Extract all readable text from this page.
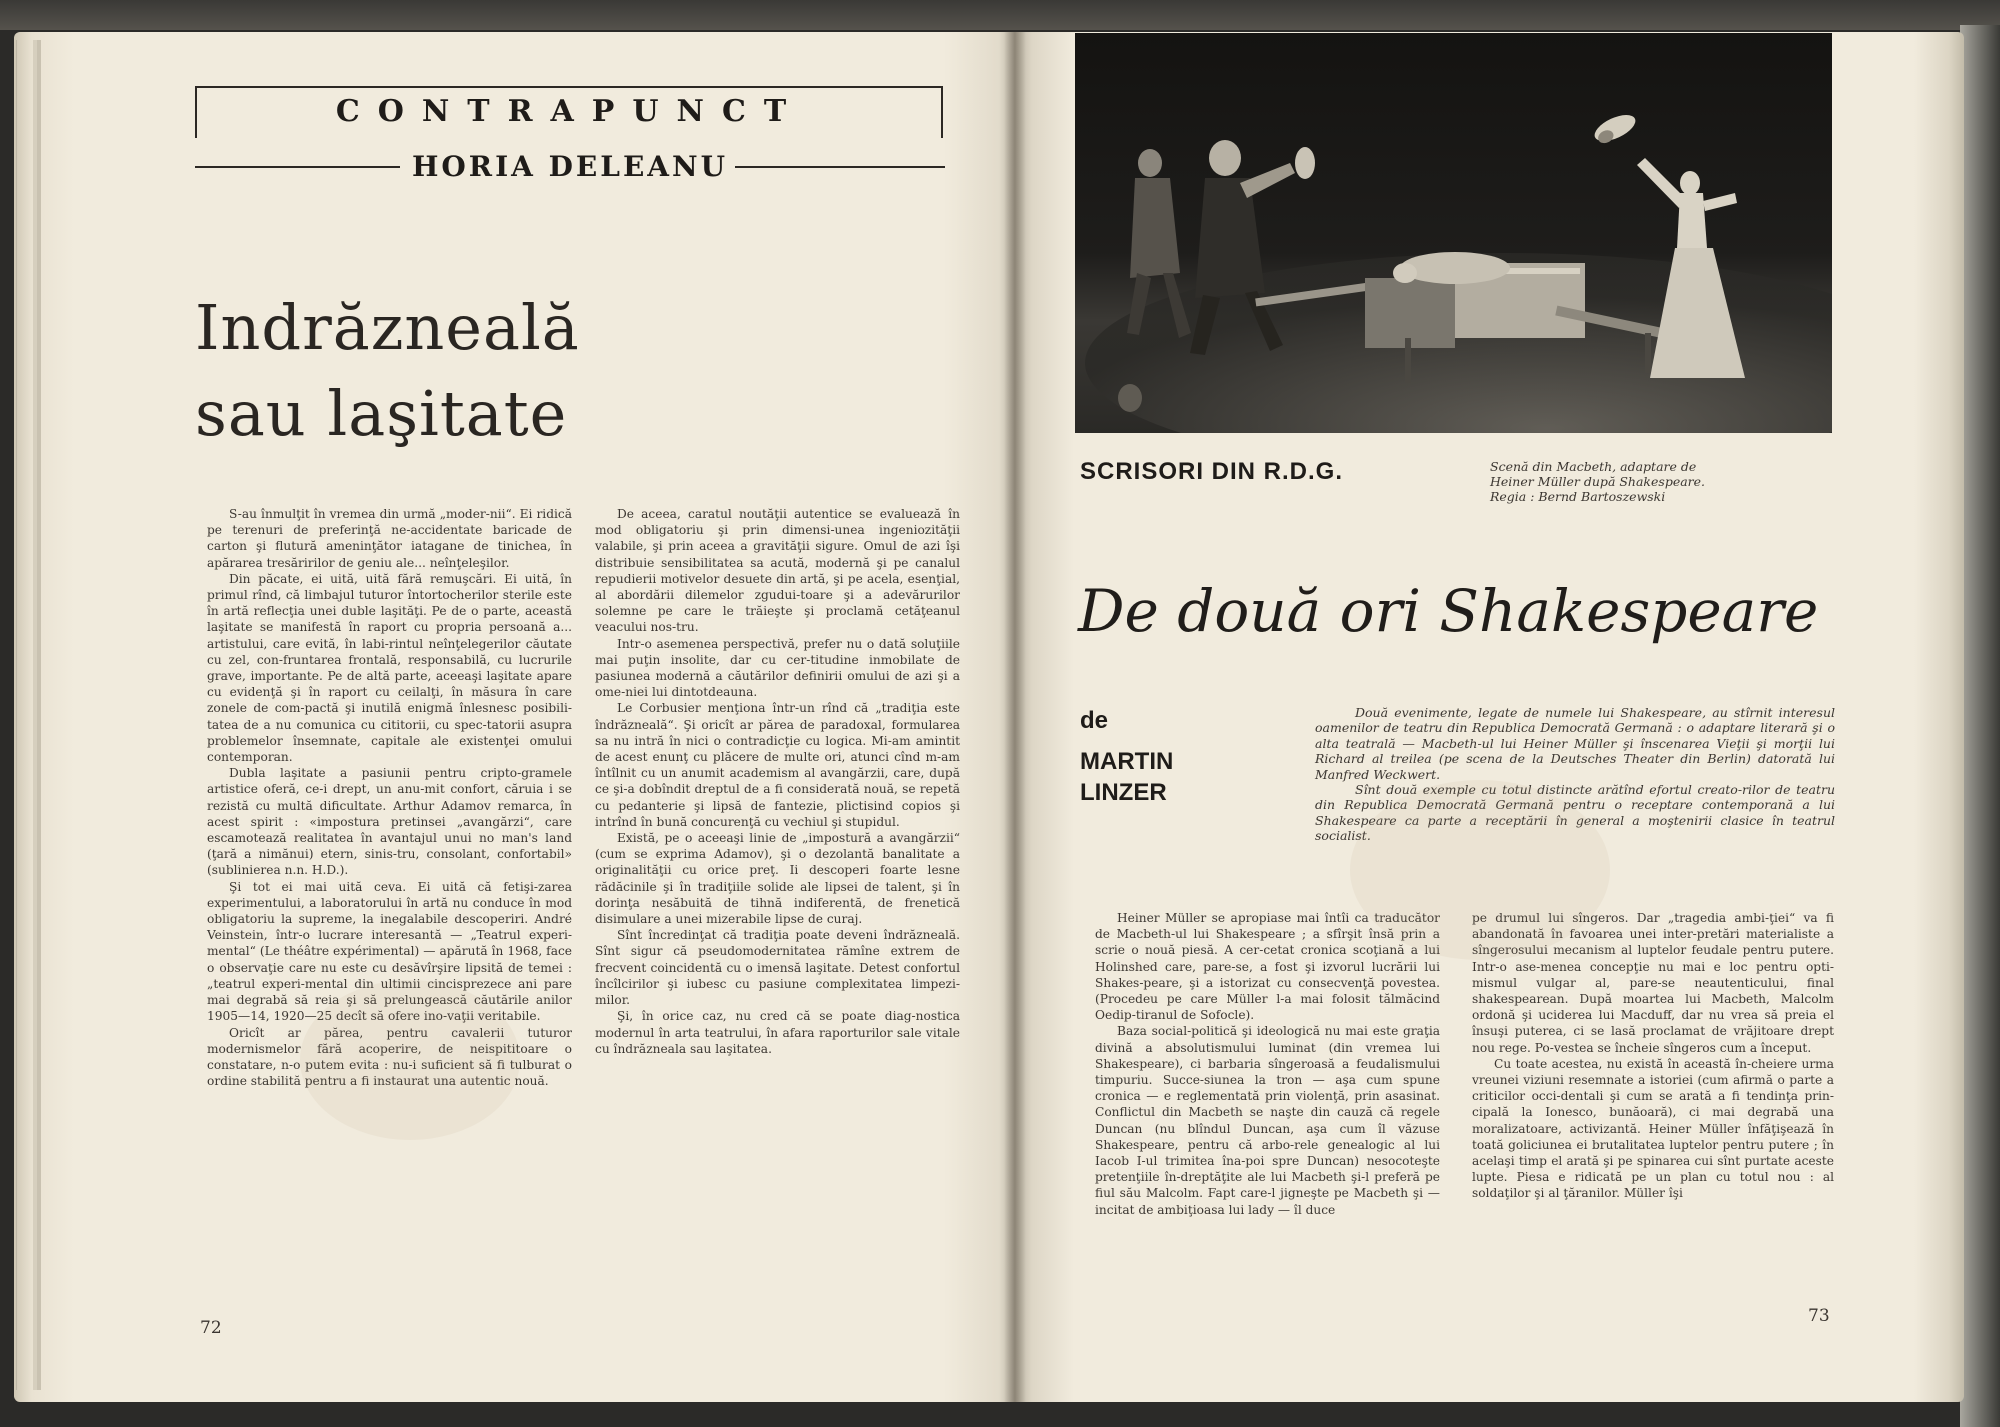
CONTRAPUNCT
HORIA DELEANU
Indrăzneală
sau laşitate

S-au înmulţit în vremea din urmă „moder-nii“. Ei ridică pe terenuri de preferinţă ne-accidentate baricade de carton şi flutură ameninţător iataganе de tinichea, în apărarea tresăririlor de geniu ale... neînţeleşilor.

Din păcate, ei uită, uită fără remuşcări. Ei uită, în primul rînd, că limbajul tuturor întortocherilor sterile este în artă reflecţia unei duble laşităţi. Pe de o parte, această laşitate se manifestă în raport cu propria persoană a... artistului, care evită, în labi-rintul neînţelegerilor căutate cu zel, con-fruntarea frontală, responsabilă, cu lucrurile grave, importante. Pe de altă parte, aceeaşi laşitate apare cu evidenţă şi în raport cu ceilalţi, în măsura în care zonele de com-pactă şi inutilă enigmă înlesnesc posibili-tatea de a nu comunica cu cititorii, cu spec-tatorii asupra problemelor însemnate, capitale ale existenţei omului contemporan.

Dubla laşitate a pasiunii pentru cripto-gramele artistice oferă, ce-i drept, un anu-mit confort, căruia i se rezistă cu multă dificultate. Arthur Adamov remarca, în acest spirit : «impostura pretinsei „avangărzi“, care escamotează realitatea în avantajul unui no man's land (ţară a nimănui) etern, sinis-tru, consolant, confortabil» (sublinierea n.n. H.D.).

Şi tot ei mai uită ceva. Ei uită că fetişi-zarea experimentului, a laboratorului în artă nu conduce în mod obligatoriu la supreme, la inegalabile descoperiri. André Veinstein, într-o lucrare interesantă — „Teatrul experi-mental“ (Le théâtre expérimental) — apărută în 1968, face o observaţie care nu este cu desăvîrşire lipsită de temei : „teatrul experi-mental din ultimii cincisprezece ani pare mai degrabă să reia şi să prelungească căutările anilor 1905—14, 1920—25 decît să ofere ino-vaţii veritabile.

Oricît ar părea, pentru cavalerii tuturor modernismelor fără acoperire, de neispititoare o constatare, n-o putem evita : nu-i suficient să fi tulburat o ordine stabilită pentru a fi instaurat una autentic nouă.

De aceea, caratul noutăţii autentice se evaluează în mod obligatoriu şi prin dimensi-unea ingeniozităţii valabile, şi prin aceea a gravităţii sigure. Omul de azi îşi distribuie sensibilitatea sa acută, modernă şi pe canalul repudierii motivelor desuete din artă, şi pe acela, esenţial, al abordării dilemelor zgudui-toare şi a adevărurilor solemne pe care le trăieşte şi proclamă cetăţeanul veacului nos-tru.

Intr-o asemenea perspectivă, prefer nu o dată soluţiile mai puţin insolite, dar cu cer-titudine inmobilate de pasiunea modernă a căutărilor definirii omului de azi şi a ome-niei lui dintotdeauna.

Le Corbusier menţiona într-un rînd că „tradiţia este îndrăzneală“. Şi oricît ar părea de paradoxal, formularea sa nu intră în nici o contradicţie cu logica. Mi-am amintit de acest enunţ cu plăcere de multe ori, atunci cînd m-am întîlnit cu un anumit academism al avangărzii, care, după ce şi-a dobîndit dreptul de a fi considerată nouă, se repetă cu pedanterie şi lipsă de fantezie, plictisind copios şi intrînd în bună concurenţă cu vechiul şi stupidul.

Există, pe o aceeaşi linie de „impostură a avangărzii“ (cum se exprima Adamov), şi o dezolantă banalitate a originalităţii cu orice preţ. Ii descoperi foarte lesne rădăcinile şi în tradiţiile solide ale lipsei de talent, şi în dorinţa nesăbuită de tihnă indiferentă, de frenetică disimulare a unei mizerabile lipse de curaj.

Sînt încredinţat că tradiţia poate deveni îndrăzneală. Sînt sigur că pseudomodernitatea rămîne extrem de frecvent coincidentă cu o imensă laşitate. Detest confortul încîlcirilor şi iubesc cu pasiune complexitatea limpezi-milor.

Şi, în orice caz, nu cred că se poate diag-nostica modernul în arta teatrului, în afara raporturilor sale vitale cu îndrăzneala sau laşitatea.

72
SCRISORI DIN R.D.G.	Scenă din Macbeth, adaptare de
Heiner Müller după Shakespeare.
Regia : Bernd Bartoszewski
De două ori Shakespeare
de
MARTIN
LINZER

Două evenimente, legate de numele lui Shakespeare, au stîrnit interesul oamenilor de teatru din Republica Democrată Germană : o adaptare literară şi o alta teatrală — Macbeth-ul lui Heiner Müller şi înscenarea Vieţii şi morţii lui Richard al treilea (pe scena de la Deutsches Theater din Berlin) datorată lui Manfred Weckwert.

Sînt două exemple cu totul distincte arătînd efortul creato-rilor de teatru din Republica Democrată Germană pentru o receptare contemporană a lui Shakespeare ca parte a receptării în general a moştenirii clasice în teatrul socialist.

Heiner Müller se apropiase mai întîi ca traducător de Macbeth-ul lui Shakespeare ; a sfîrşit însă prin a scrie o nouă piesă. A cer-cetat cronica scoţiană a lui Holinshed care, pare-se, a fost şi izvorul lucrării lui Shakes-peare, şi a istorizat cu consecvenţă povestea. (Procedeu pe care Müller l-a mai folosit tălmăcind Oedip-tiranul de Sofocle).

Baza social-politică şi ideologică nu mai este graţia divină a absolutismului luminat (din vremea lui Shakespeare), ci barbaria sîngeroasă a feudalismului timpuriu. Succe-siunea la tron — aşa cum spune cronica — e reglementată prin violenţă, prin asasinat. Conflictul din Macbeth se naşte din cauză că regele Duncan (nu blîndul Duncan, aşa cum îl văzuse Shakespeare, pentru că arbo-rele genealogic al lui Iacob I-ul trimitea îna-poi spre Duncan) nesocoteşte pretenţiile în-dreptăţite ale lui Macbeth şi-l preferă pe fiul său Malcolm. Fapt care-l jigneşte pe Macbeth şi — incitat de ambiţioasa lui lady — îl duce

pe drumul lui sîngeros. Dar „tragedia ambi-ţiei“ va fi abandonată în favoarea unei inter-pretări materialiste a sîngerosului mecanism al luptelor feudale pentru putere. Intr-o ase-menea concepţie nu mai e loc pentru opti-mismul vulgar al, pare-se neautenticului, final shakespearean. După moartea lui Macbeth, Malcolm ordonă şi uciderea lui Macduff, dar nu vrea să preia el însuşi puterea, ci se lasă proclamat de vrăjitoare drept nou rege. Po-vestea se încheie sîngeros cum a început.

Cu toate acestea, nu există în această în-cheiere urma vreunei viziuni resemnate a istoriei (cum afirmă o parte a criticilor occi-dentali şi cum se arată a fi tendinţa prin-cipală la Ionesco, bunăoară), ci mai degrabă una moralizatoare, activizantă. Heiner Müller înfăţişează în toată goliciunea ei brutalitatea luptelor pentru putere ; în acelaşi timp el arată şi pe spinarea cui sînt purtate aceste lupte. Piesa e ridicată pe un plan cu totul nou : al soldaţilor şi al ţăranilor. Müller îşi

73
